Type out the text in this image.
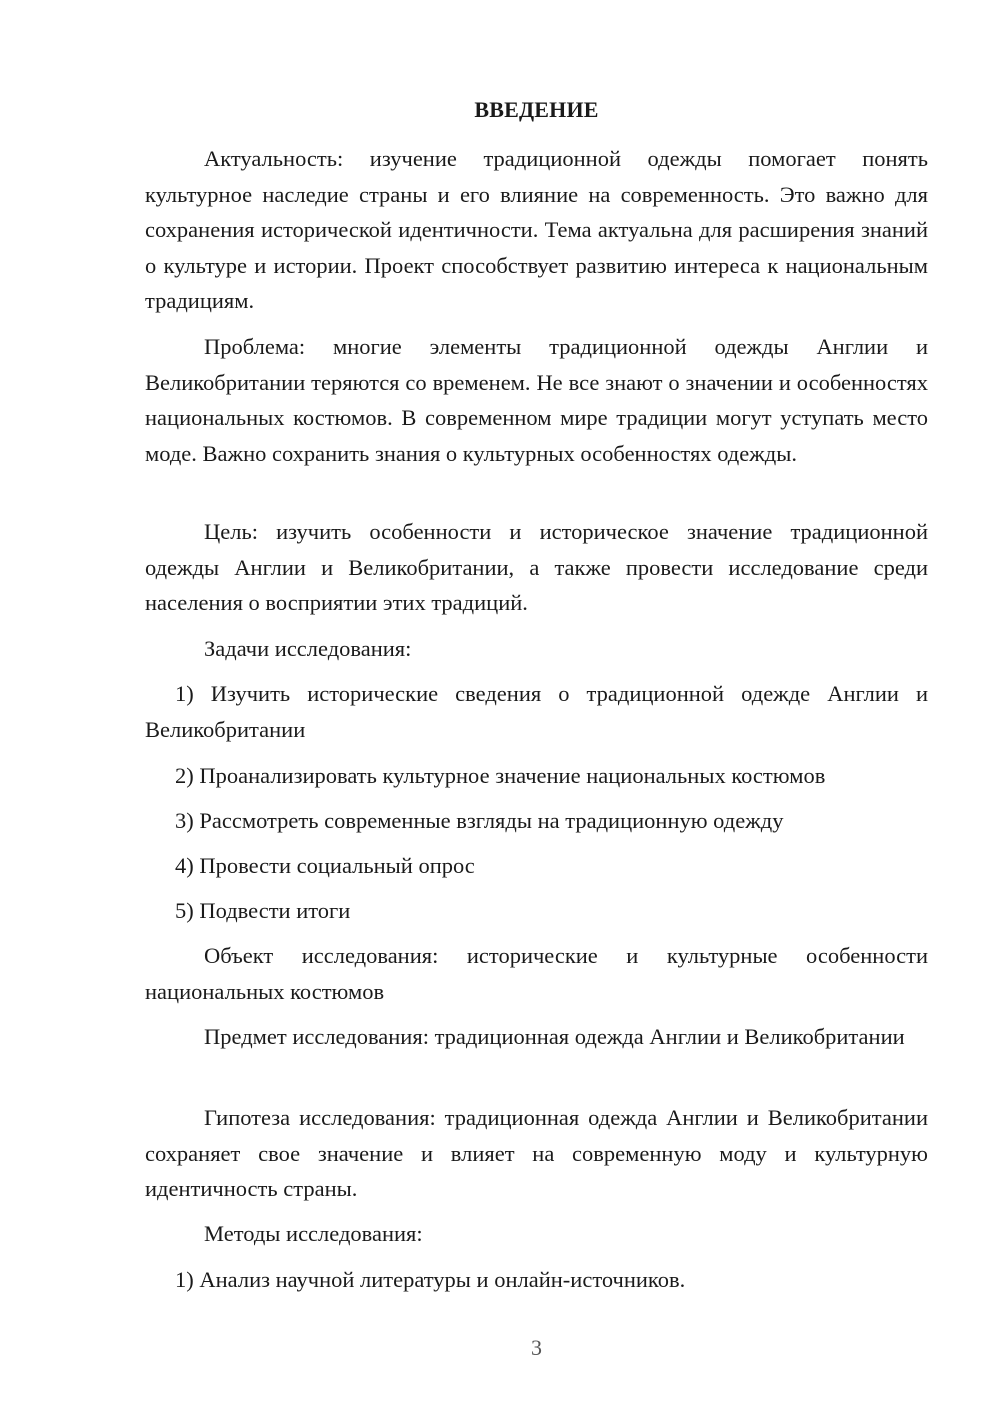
ВВЕДЕНИЕ

Актуальность: изучение традиционной одежды помогает понять культурное наследие страны и его влияние на современность. Это важно для сохранения исторической идентичности. Тема актуальна для расширения знаний о культуре и истории. Проект способствует развитию интереса к национальным традициям.

Проблема: многие элементы традиционной одежды Англии и Великобритании теряются со временем. Не все знают о значении и особенностях национальных костюмов. В современном мире традиции могут уступать место моде. Важно сохранить знания о культурных особенностях одежды.

Цель: изучить особенности и историческое значение традиционной одежды Англии и Великобритании, а также провести исследование среди населения о восприятии этих традиций.

Задачи исследования:

1) Изучить исторические сведения о традиционной одежде Англии и Великобритании

2) Проанализировать культурное значение национальных костюмов

3) Рассмотреть современные взгляды на традиционную одежду

4) Провести социальный опрос

5) Подвести итоги

Объект исследования: исторические и культурные особенности национальных костюмов

Предмет исследования: традиционная одежда Англии и Великобритании

Гипотеза исследования: традиционная одежда Англии и Великобритании сохраняет свое значение и влияет на современную моду и культурную идентичность страны.

Методы исследования:

1) Анализ научной литературы и онлайн-источников.

3
